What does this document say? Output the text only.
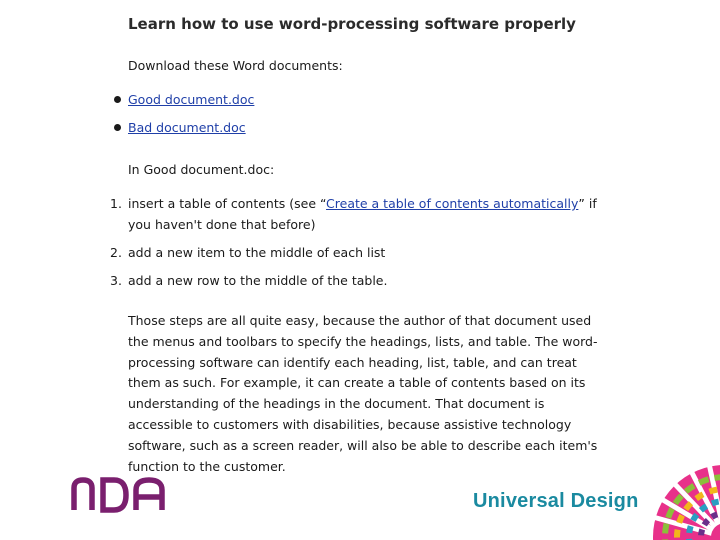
Learn how to use word-processing software properly

Download these Word documents:

Good document.doc
Bad document.doc

In Good document.doc:

1. insert a table of contents (see “Create a table of contents automatically” if you haven't done that before)
2. add a new item to the middle of each list
3. add a new row to the middle of the table.

Those steps are all quite easy, because the author of that document used the menus and toolbars to specify the headings, lists, and table. The word-processing software can identify each heading, list, table, and can treat them as such. For example, it can create a table of contents based on its understanding of the headings in the document. That document is accessible to customers with disabilities, because assistive technology software, such as a screen reader, will also be able to describe each item's function to the customer.

Universal Design
